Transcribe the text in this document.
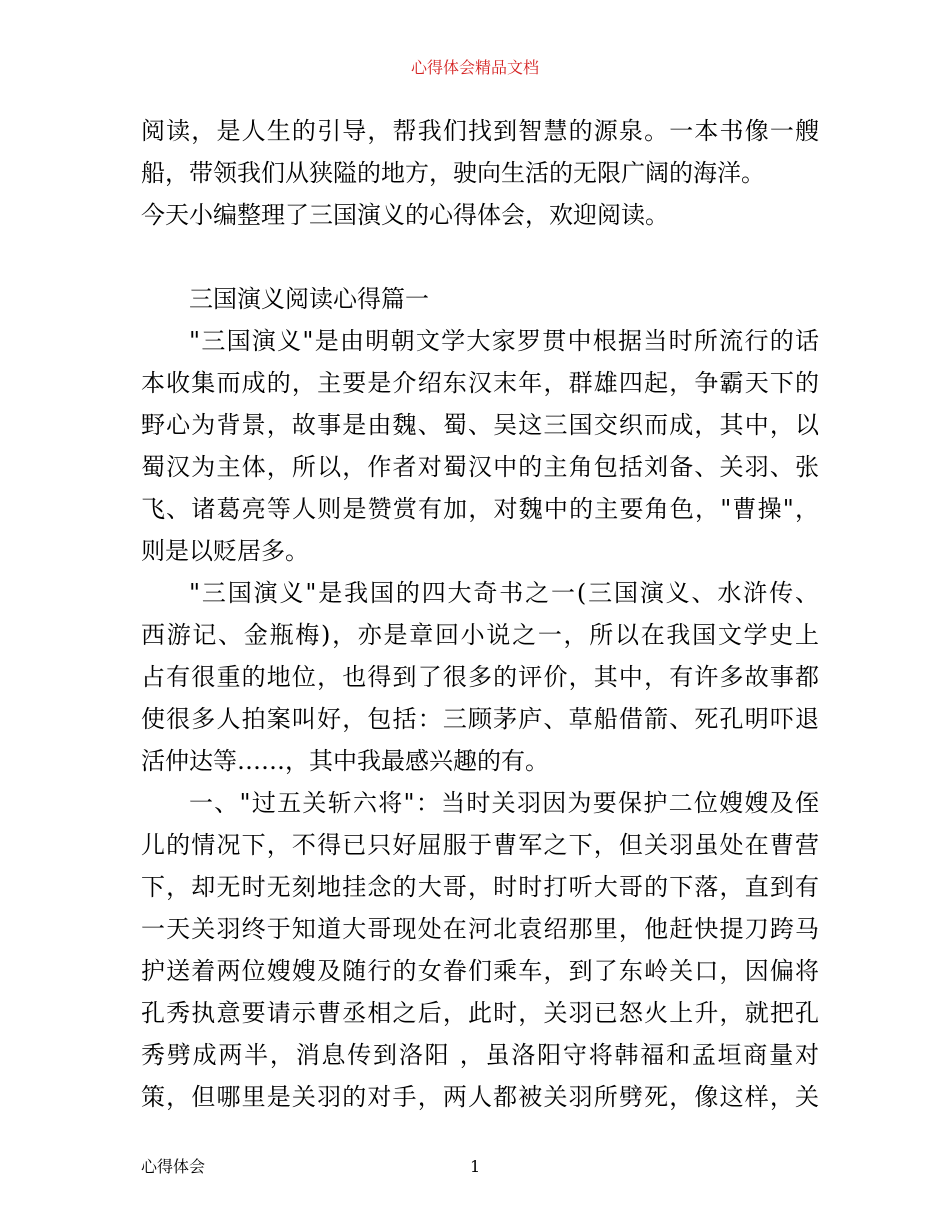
心得体会精品文档
阅读，是人生的引导，帮我们找到智慧的源泉。一本书像一艘
船，带领我们从狭隘的地方，驶向生活的无限广阔的海洋。
今天小编整理了三国演义的心得体会，欢迎阅读。
三国演义阅读心得篇一
"三国演义"是由明朝文学大家罗贯中根据当时所流行的话
本收集而成的，主要是介绍东汉末年，群雄四起，争霸天下的
野心为背景，故事是由魏、蜀、吴这三国交织而成，其中，以
蜀汉为主体，所以，作者对蜀汉中的主角包括刘备、关羽、张
飞、诸葛亮等人则是赞赏有加，对魏中的主要角色，"曹操"，
则是以贬居多。
"三国演义"是我国的四大奇书之一(三国演义、水浒传、
西游记、金瓶梅)，亦是章回小说之一，所以在我国文学史上
占有很重的地位，也得到了很多的评价，其中，有许多故事都
使很多人拍案叫好，包括：三顾茅庐、草船借箭、死孔明吓退
活仲达等……，其中我最感兴趣的有。
一、"过五关斩六将"：当时关羽因为要保护二位嫂嫂及侄
儿的情况下，不得已只好屈服于曹军之下，但关羽虽处在曹营
下，却无时无刻地挂念的大哥，时时打听大哥的下落，直到有
一天关羽终于知道大哥现处在河北袁绍那里，他赶快提刀跨马
护送着两位嫂嫂及随行的女眷们乘车，到了东岭关口，因偏将
孔秀执意要请示曹丞相之后，此时，关羽已怒火上升，就把孔
秀劈成两半，消息传到洛阳 ，虽洛阳守将韩福和孟垣商量对
策，但哪里是关羽的对手，两人都被关羽所劈死，像这样，关
心得体会	1
